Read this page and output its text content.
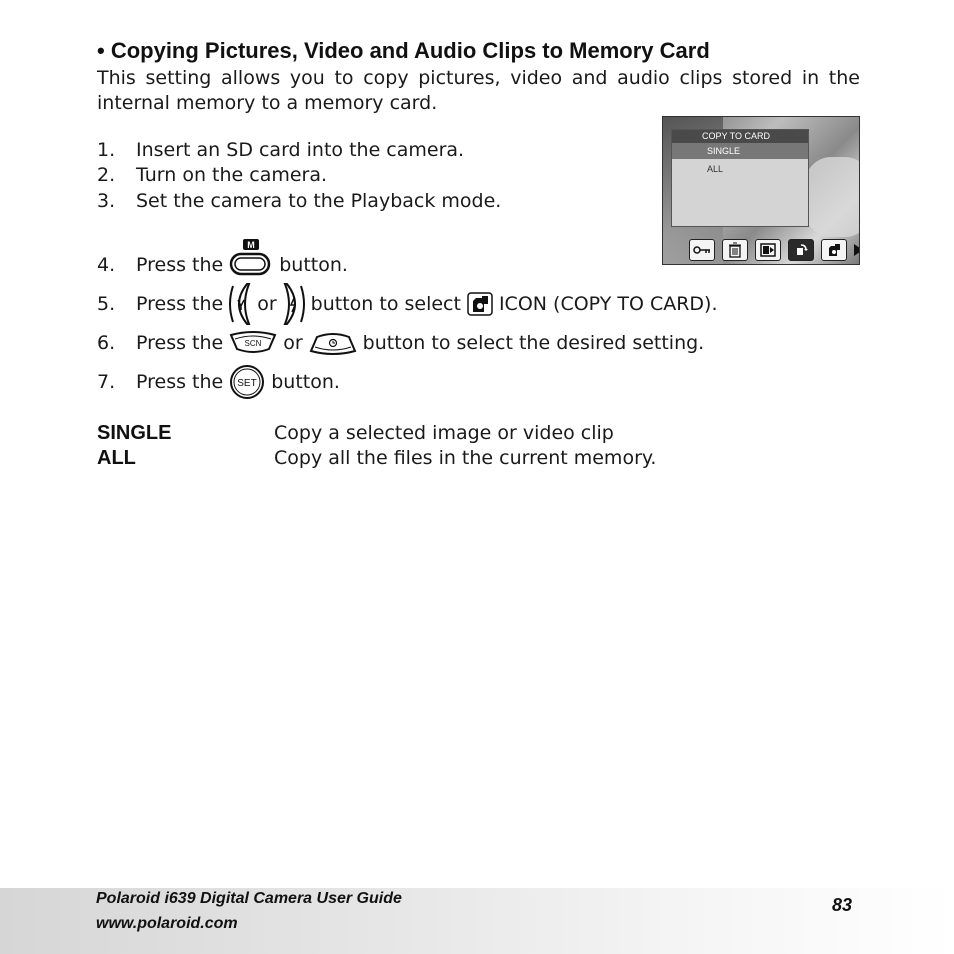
• Copying Pictures, Video and Audio Clips to Memory Card
This setting allows you to copy pictures, video and audio clips stored in the internal memory to a memory card.
1.	Insert an SD card into the camera.
2.	Turn on the camera.
3.	Set the camera to the Playback mode.
4.	Press the
M
button.
5.	Press the or button to select ICON (COPY TO CARD).
6.	Press the	SCN or	button to select the desired setting.
7.	Press the SET button.
COPY TO CARD
SINGLE
ALL
SINGLE	Copy a selected image or video clip
ALL	Copy all the files in the current memory.
Polaroid i639 Digital Camera User Guide
www.polaroid.com
83
